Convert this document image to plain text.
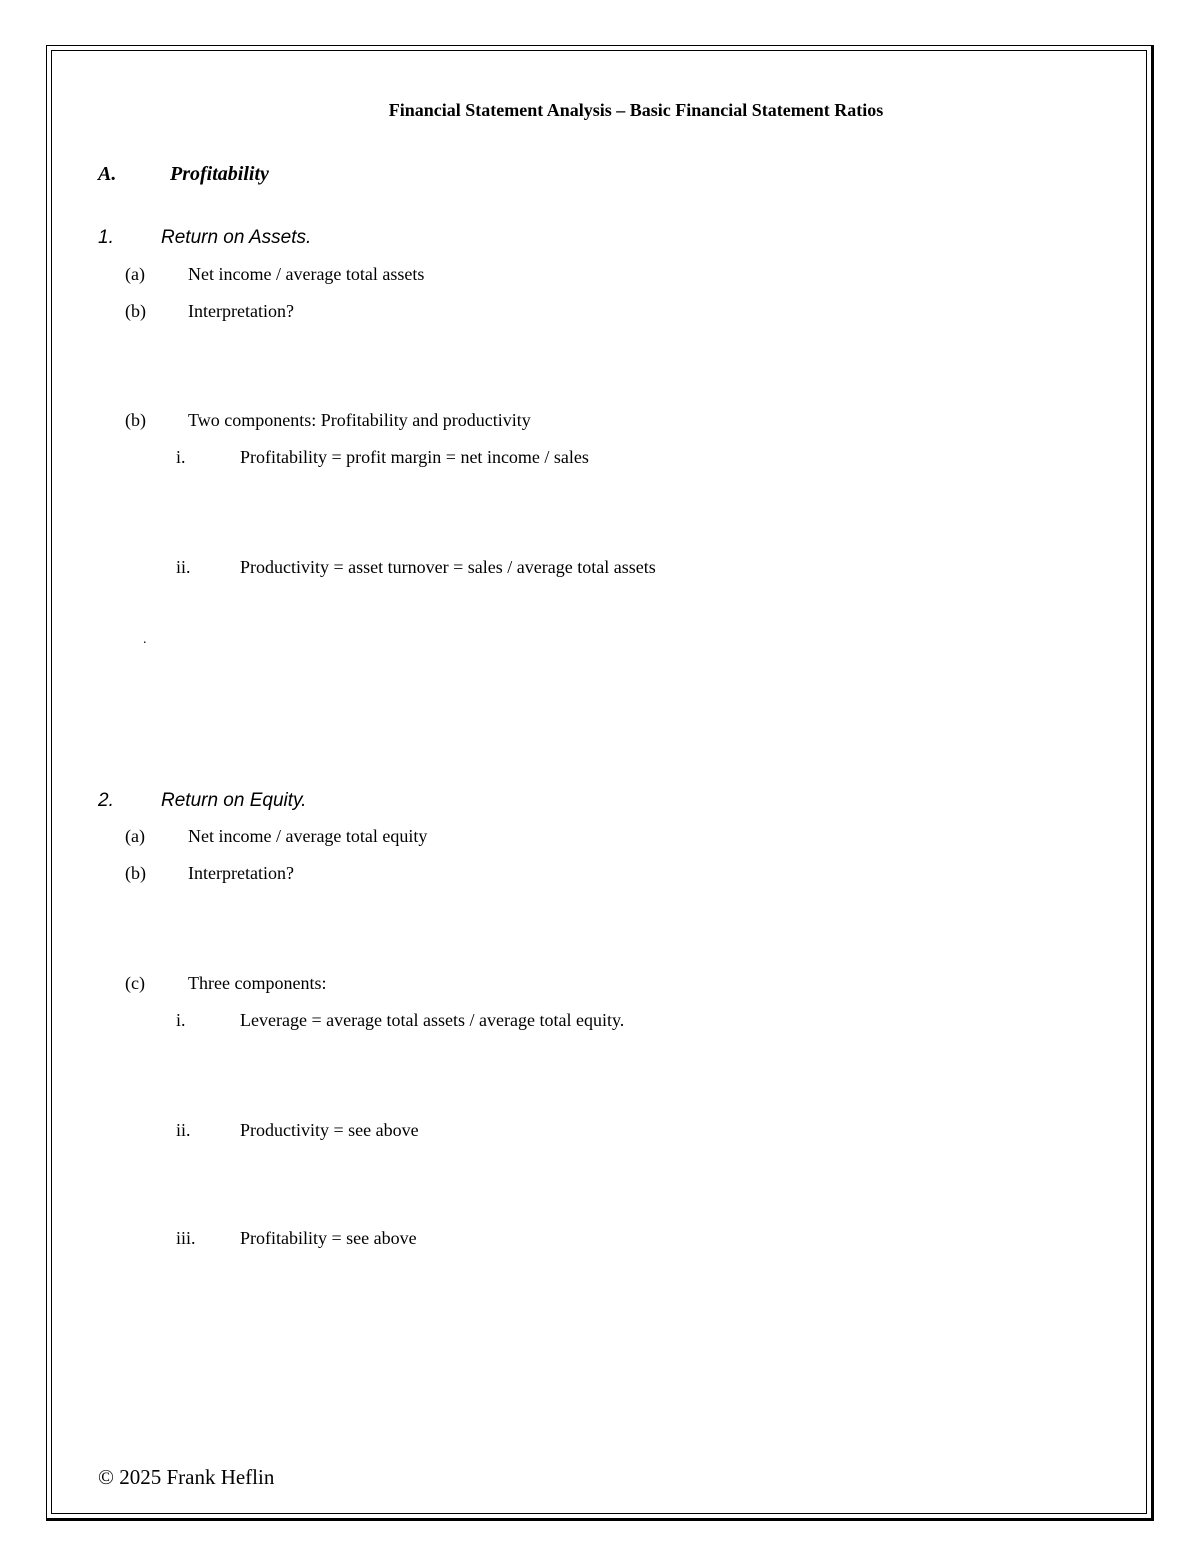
Financial Statement Analysis – Basic Financial Statement Ratios
A.	Profitability
1. Return on Assets.
(a) Net income / average total assets
(b) Interpretation?
(b) Two components: Profitability and productivity
i.	Profitability = profit margin = net income / sales
ii.	Productivity = asset turnover = sales / average total assets
.
2. Return on Equity.
(a) Net income / average total equity
(b) Interpretation?
(c) Three components:
i.	Leverage = average total assets / average total equity.
ii.	Productivity = see above
iii. Profitability = see above
© 2025 Frank Heflin
